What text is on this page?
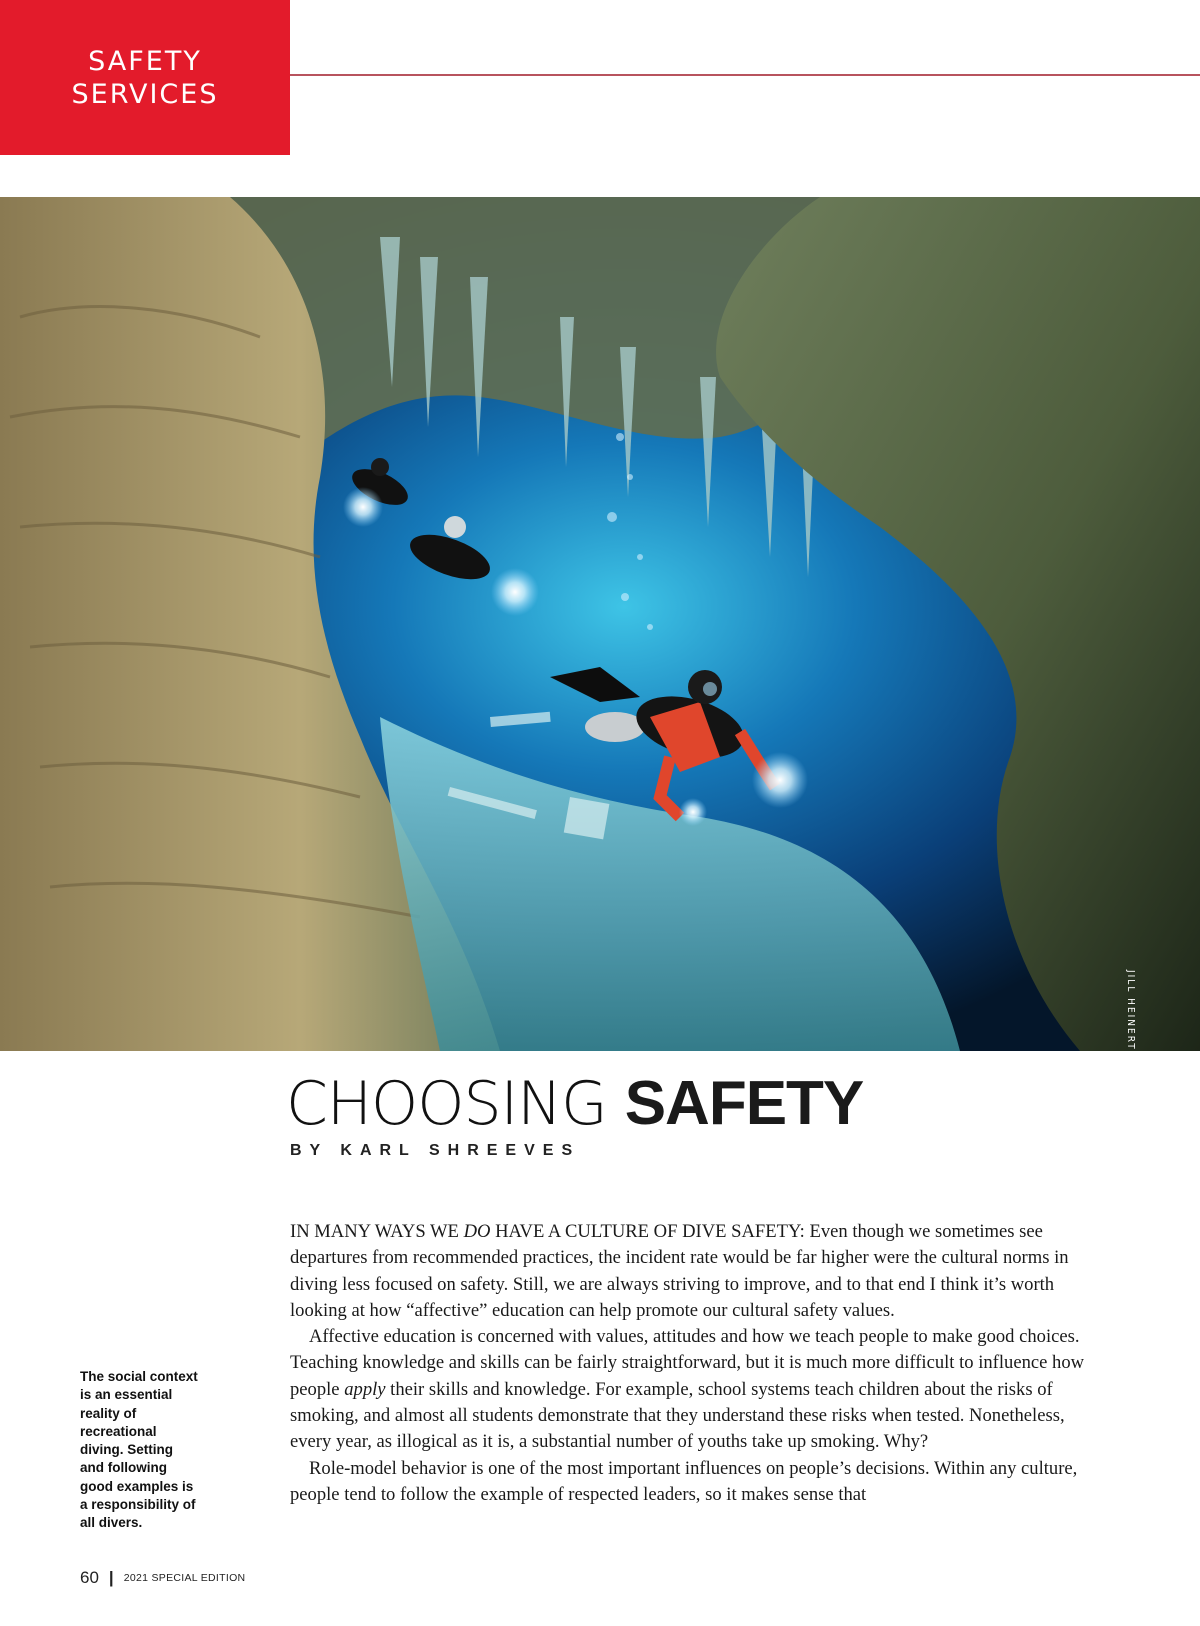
SAFETY
SERVICES
JILL HEINERTH
CHOOSING SAFETY
BY KARL SHREEVES
The social context is an essential reality of recreational diving. Setting and following good examples is a responsibility of all divers.

IN MANY WAYS WE DO HAVE A CULTURE OF DIVE SAFETY: Even though we sometimes see departures from recommended practices, the incident rate would be far higher were the cultural norms in diving less focused on safety. Still, we are always striving to improve, and to that end I think it’s worth looking at how “affective” education can help promote our cultural safety values.

Affective education is concerned with values, attitudes and how we teach people to make good choices. Teaching knowledge and skills can be fairly straightforward, but it is much more difficult to influence how people apply their skills and knowledge. For example, school systems teach children about the risks of smoking, and almost all students demonstrate that they understand these risks when tested. Nonetheless, every year, as illogical as it is, a substantial number of youths take up smoking. Why?

Role-model behavior is one of the most important influences on people’s decisions. Within any culture, people tend to follow the example of respected leaders, so it makes sense that

60 | 2021 SPECIAL EDITION
